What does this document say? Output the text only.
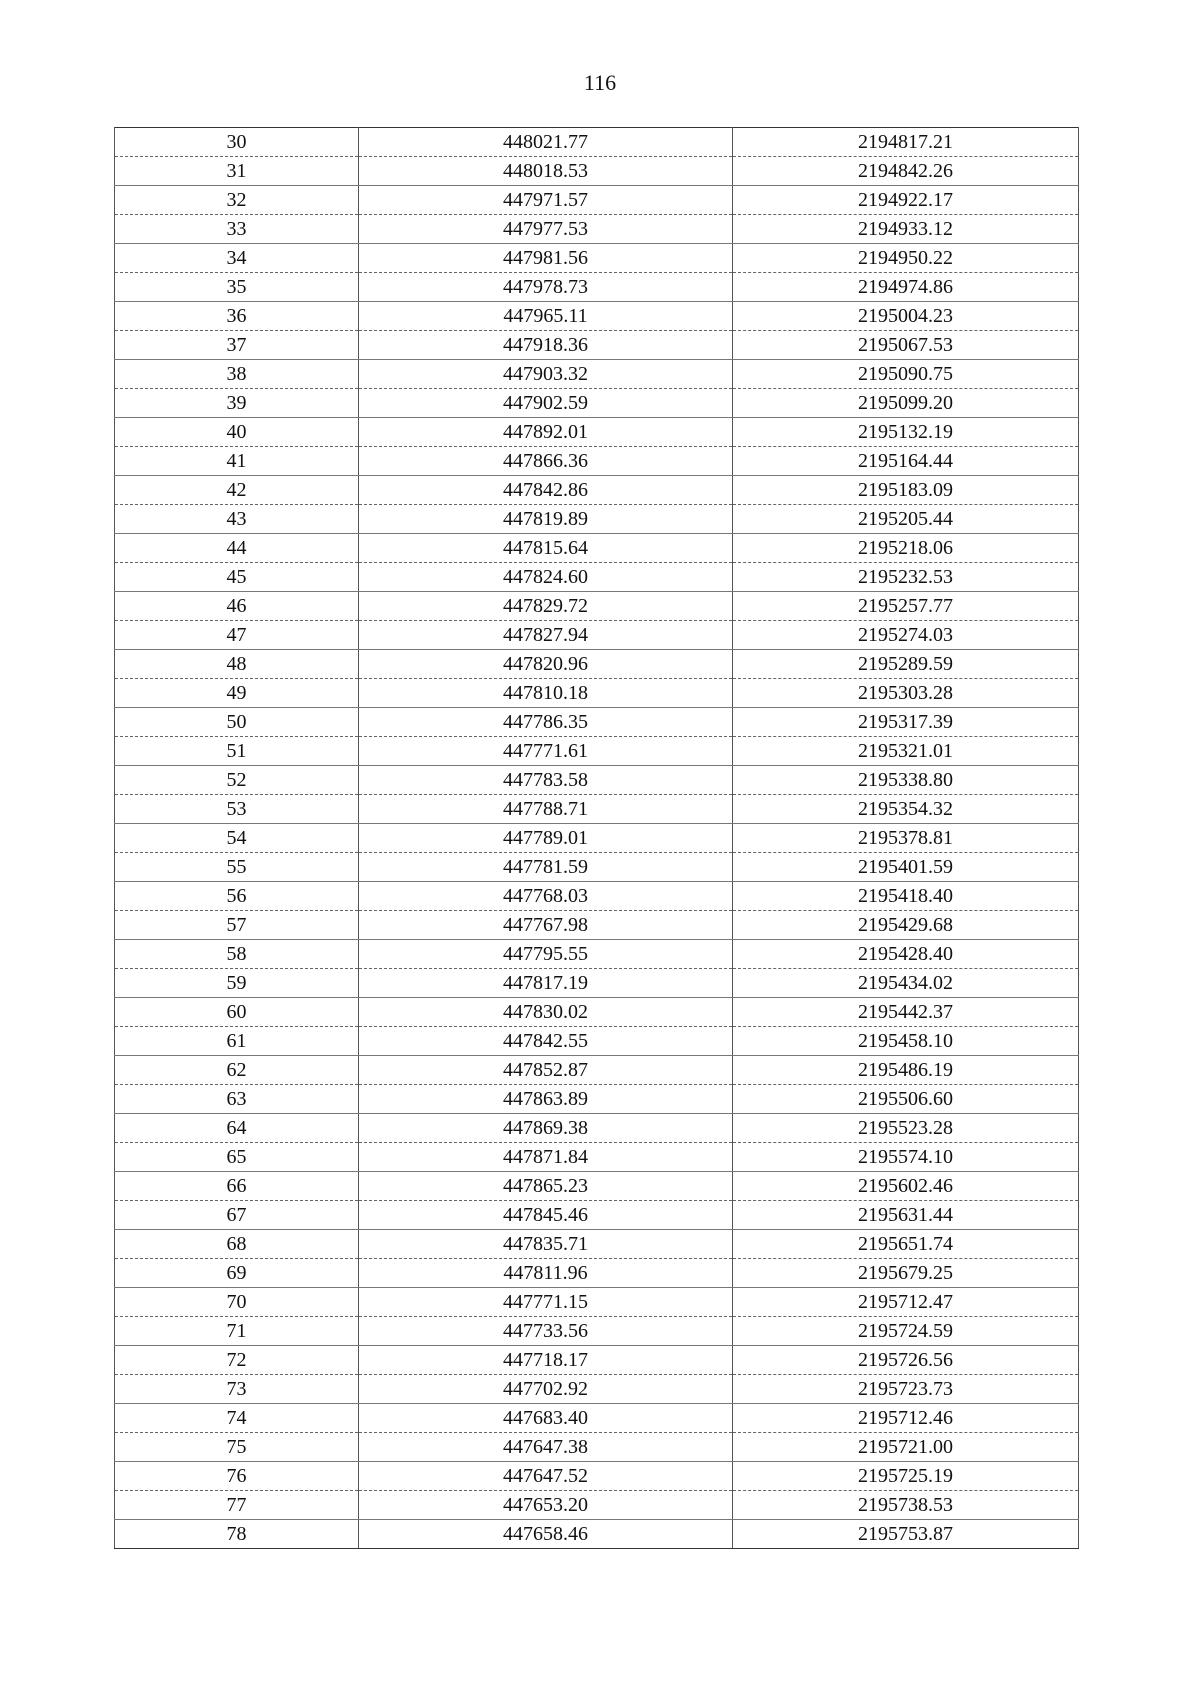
116
30	448021.77	2194817.21
31	448018.53	2194842.26
32	447971.57	2194922.17
33	447977.53	2194933.12
34	447981.56	2194950.22
35	447978.73	2194974.86
36	447965.11	2195004.23
37	447918.36	2195067.53
38	447903.32	2195090.75
39	447902.59	2195099.20
40	447892.01	2195132.19
41	447866.36	2195164.44
42	447842.86	2195183.09
43	447819.89	2195205.44
44	447815.64	2195218.06
45	447824.60	2195232.53
46	447829.72	2195257.77
47	447827.94	2195274.03
48	447820.96	2195289.59
49	447810.18	2195303.28
50	447786.35	2195317.39
51	447771.61	2195321.01
52	447783.58	2195338.80
53	447788.71	2195354.32
54	447789.01	2195378.81
55	447781.59	2195401.59
56	447768.03	2195418.40
57	447767.98	2195429.68
58	447795.55	2195428.40
59	447817.19	2195434.02
60	447830.02	2195442.37
61	447842.55	2195458.10
62	447852.87	2195486.19
63	447863.89	2195506.60
64	447869.38	2195523.28
65	447871.84	2195574.10
66	447865.23	2195602.46
67	447845.46	2195631.44
68	447835.71	2195651.74
69	447811.96	2195679.25
70	447771.15	2195712.47
71	447733.56	2195724.59
72	447718.17	2195726.56
73	447702.92	2195723.73
74	447683.40	2195712.46
75	447647.38	2195721.00
76	447647.52	2195725.19
77	447653.20	2195738.53
78	447658.46	2195753.87
